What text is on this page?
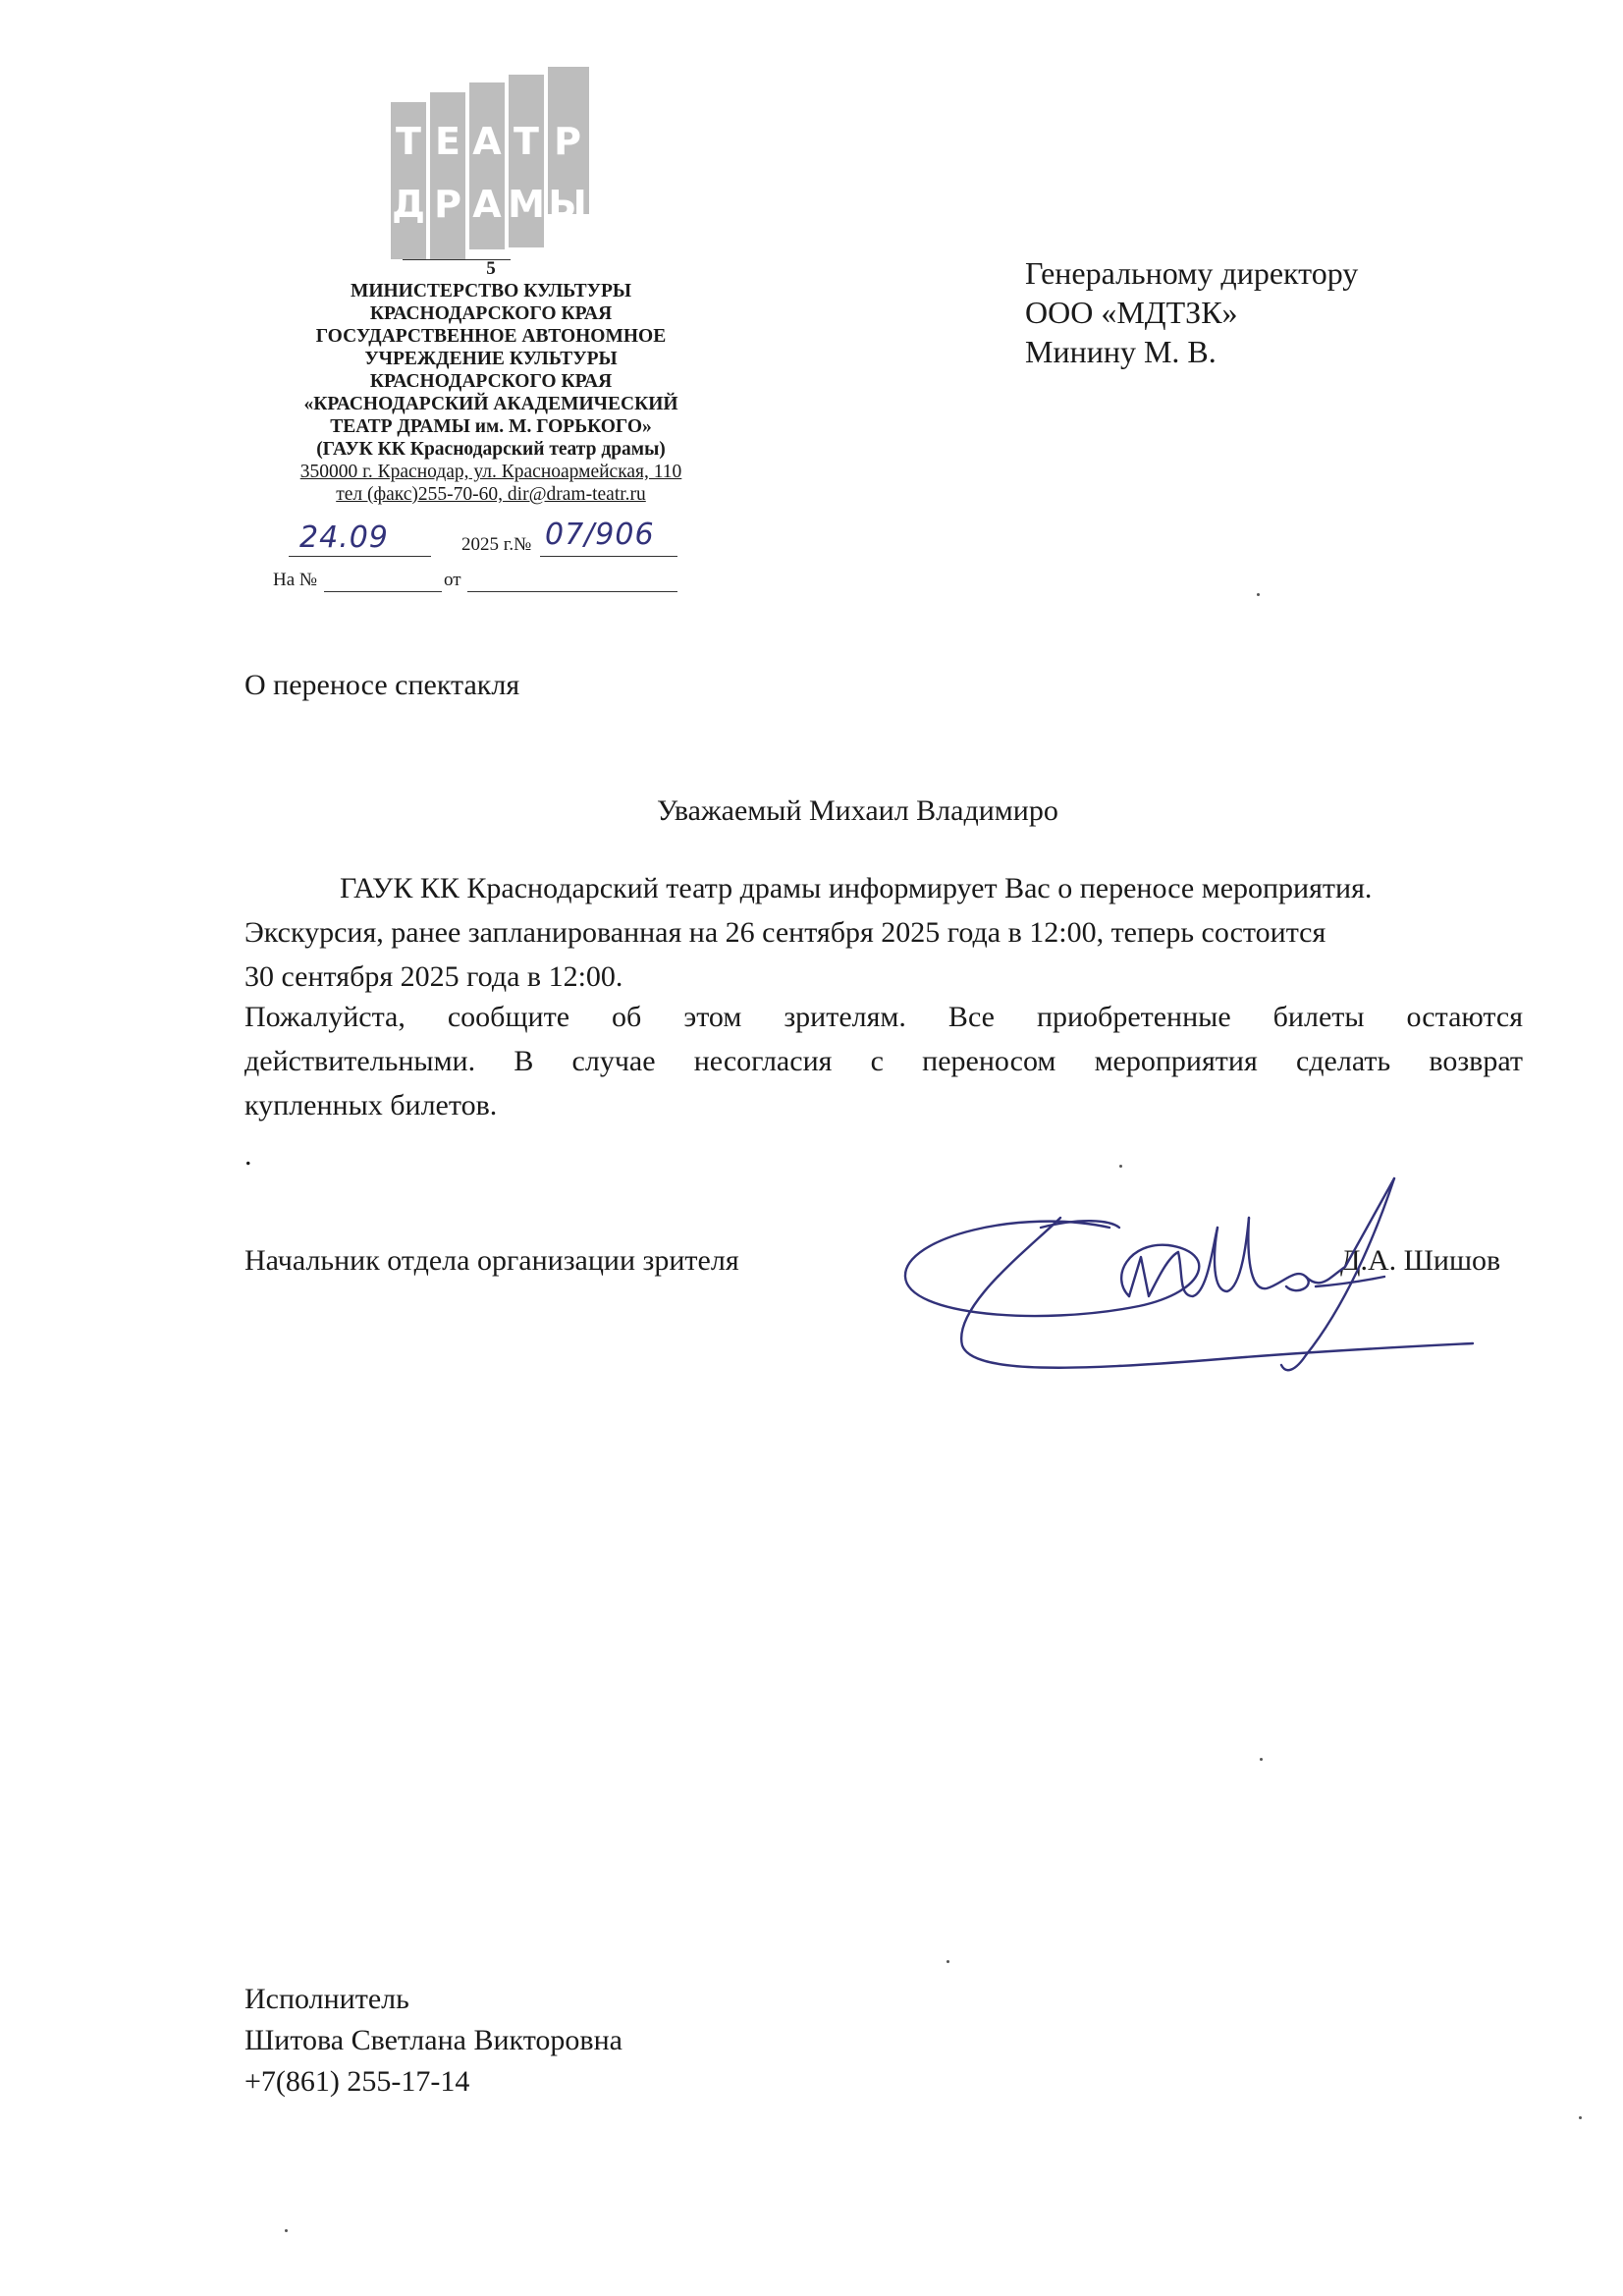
Т Е А Т Р
Д Р А М Ы
5
МИНИСТЕРСТВО КУЛЬТУРЫ
КРАСНОДАРСКОГО КРАЯ
ГОСУДАРСТВЕННОЕ АВТОНОМНОЕ
УЧРЕЖДЕНИЕ КУЛЬТУРЫ
КРАСНОДАРСКОГО КРАЯ
«КРАСНОДАРСКИЙ АКАДЕМИЧЕСКИЙ
ТЕАТР ДРАМЫ им. М. ГОРЬКОГО»
(ГАУК КК Краснодарский театр драмы)
350000 г. Краснодар, ул. Красноармейская, 110
тел (факс)255-70-60, dir@dram-teatr.ru
24.09	2025 г.№ 07/906
На №	от
Генеральному директору
ООО «МДТЗК»
Минину М. В.
О переносе спектакля
Уважаемый Михаил Владимиро
ГАУК КК Краснодарский театр драмы информирует Вас о переносе мероприятия.
Экскурсия, ранее запланированная на 26 сентября 2025 года в 12:00, теперь состоится
30 сентября 2025 года в 12:00.
Пожалуйста, сообщите об этом зрителям. Все приобретенные билеты остаются
действительными. В случае несогласия с переносом мероприятия сделать возврат
купленных билетов.
.
Начальник отдела организации зрителя	Д.А. Шишов
Исполнитель
Шитова Светлана Викторовна
+7(861) 255-17-14
